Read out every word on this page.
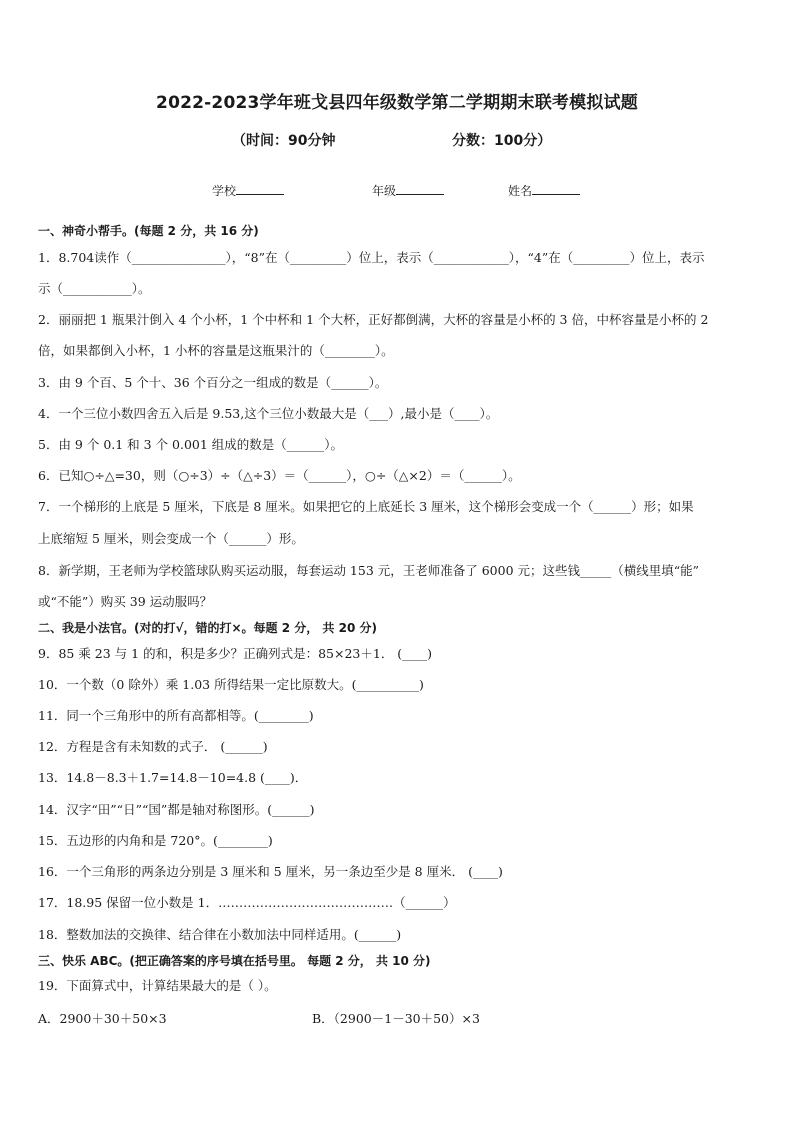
2022-2023学年班戈县四年级数学第二学期期末联考模拟试题
（时间：90分钟	分数：100分）
学校	年级	姓名
一、神奇小帮手。(每题 2 分，共 16 分)
1．8.704读作（_______________），“8”在（_________）位上，表示（____________），“4”在（_________）位上，表示
示（___________）。
2．丽丽把 1 瓶果汁倒入 4 个小杯，1 个中杯和 1 个大杯，正好都倒满，大杯的容量是小杯的 3 倍，中杯容量是小杯的 2
倍，如果都倒入小杯，1 小杯的容量是这瓶果汁的（________）。
3．由 9 个百、5 个十、36 个百分之一组成的数是（______）。
4．一个三位小数四舍五入后是 9.53,这个三位小数最大是（___）,最小是（____）。
5．由 9 个 0.1 和 3 个 0.001 组成的数是（______）。
6．已知○÷△=30，则（○÷3）÷（△÷3）＝（______），○÷（△×2）＝（______）。
7．一个梯形的上底是 5 厘米，下底是 8 厘米。如果把它的上底延长 3 厘米，这个梯形会变成一个（______）形；如果
上底缩短 5 厘米，则会变成一个（______）形。
8．新学期，王老师为学校篮球队购买运动服，每套运动 153 元，王老师准备了 6000 元；这些钱_____（横线里填“能”
或“不能”）购买 39 运动服吗？
二、我是小法官。(对的打√，错的打×。每题 2 分， 共 20 分)
9．85 乘 23 与 1 的和，积是多少？正确列式是：85×23＋1． (____)
10．一个数（0 除外）乘 1.03 所得结果一定比原数大。(__________)
11．同一个三角形中的所有高都相等。(________)
12．方程是含有未知数的式子． (______)
13．14.8－8.3＋1.7=14.8－10=4.8 (____)．
14．汉字“田”“日”“国”都是轴对称图形。(______)
15．五边形的内角和是 720°。(________)
16．一个三角形的两条边分别是 3 厘米和 5 厘米，另一条边至少是 8 厘米． (____)
17．18.95 保留一位小数是 1．……………………………………（______）
18．整数加法的交换律、结合律在小数加法中同样适用。(______)
三、快乐 ABC。(把正确答案的序号填在括号里。 每题 2 分， 共 10 分)
19．下面算式中，计算结果最大的是（ ）。
A．2900＋30＋50×3	B．（2900－1－30＋50）×3
